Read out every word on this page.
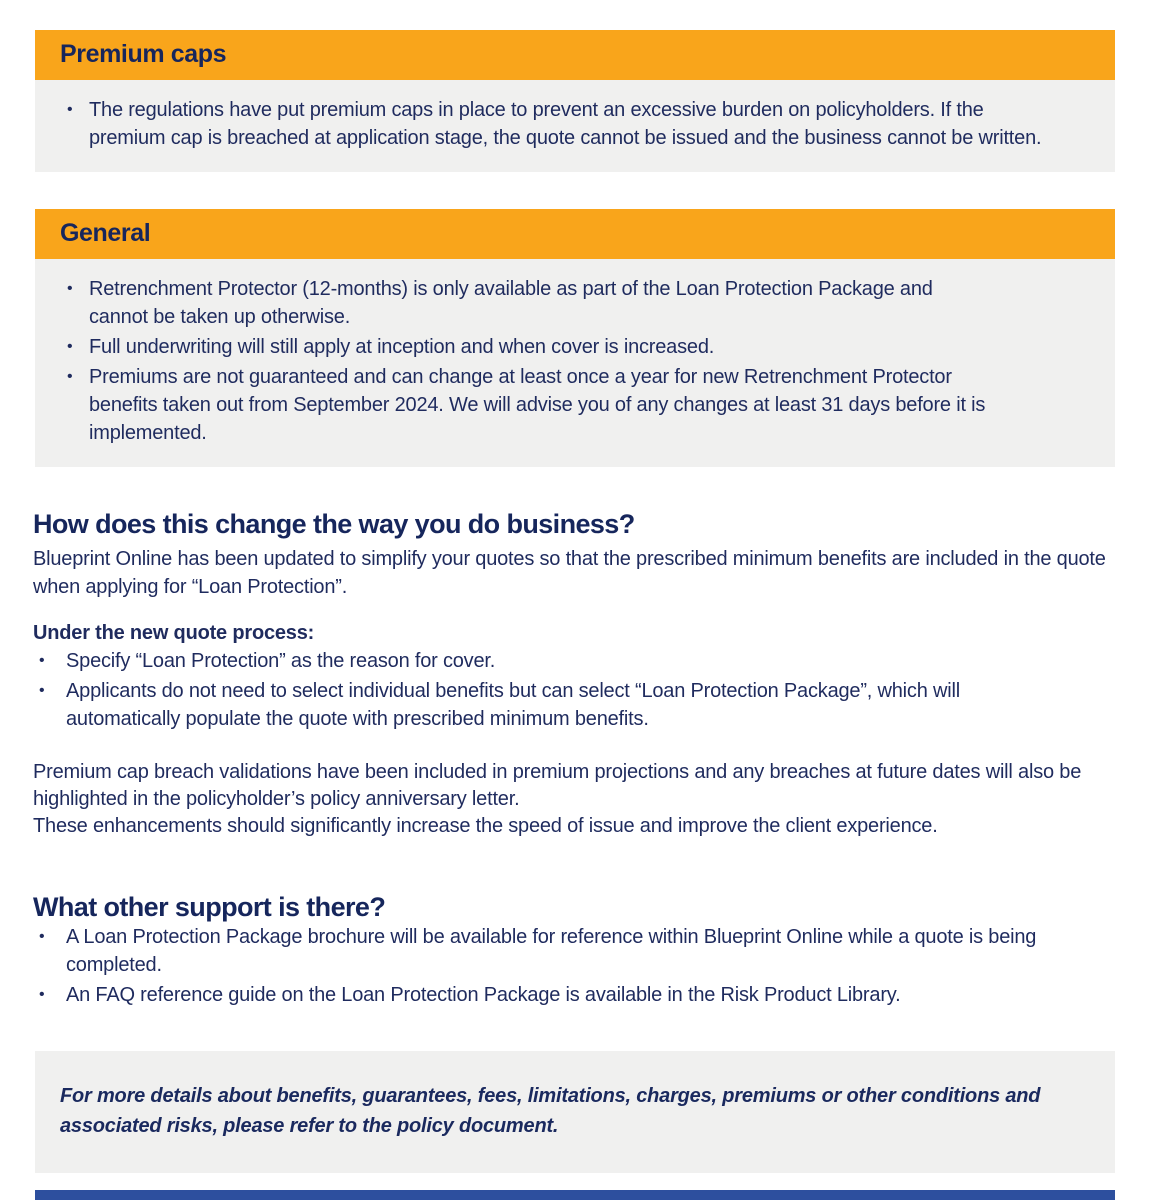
Premium caps
• The regulations have put premium caps in place to prevent an excessive burden on policyholders. If the premium cap is breached at application stage, the quote cannot be issued and the business cannot be written.
General
• Retrenchment Protector (12-months) is only available as part of the Loan Protection Package and cannot be taken up otherwise.
• Full underwriting will still apply at inception and when cover is increased.
• Premiums are not guaranteed and can change at least once a year for new Retrenchment Protector benefits taken out from September 2024. We will advise you of any changes at least 31 days before it is implemented.
How does this change the way you do business?

Blueprint Online has been updated to simplify your quotes so that the prescribed minimum benefits are included in the quote when applying for “Loan Protection”.

Under the new quote process:

• Specify “Loan Protection” as the reason for cover.
• Applicants do not need to select individual benefits but can select “Loan Protection Package”, which will automatically populate the quote with prescribed minimum benefits.

Premium cap breach validations have been included in premium projections and any breaches at future dates will also be highlighted in the policyholder’s policy anniversary letter.

These enhancements should significantly increase the speed of issue and improve the client experience.

What other support is there?
• A Loan Protection Package brochure will be available for reference within Blueprint Online while a quote is being completed.
• An FAQ reference guide on the Loan Protection Package is available in the Risk Product Library.

For more details about benefits, guarantees, fees, limitations, charges, premiums or other conditions and associated risks, please refer to the policy document.
